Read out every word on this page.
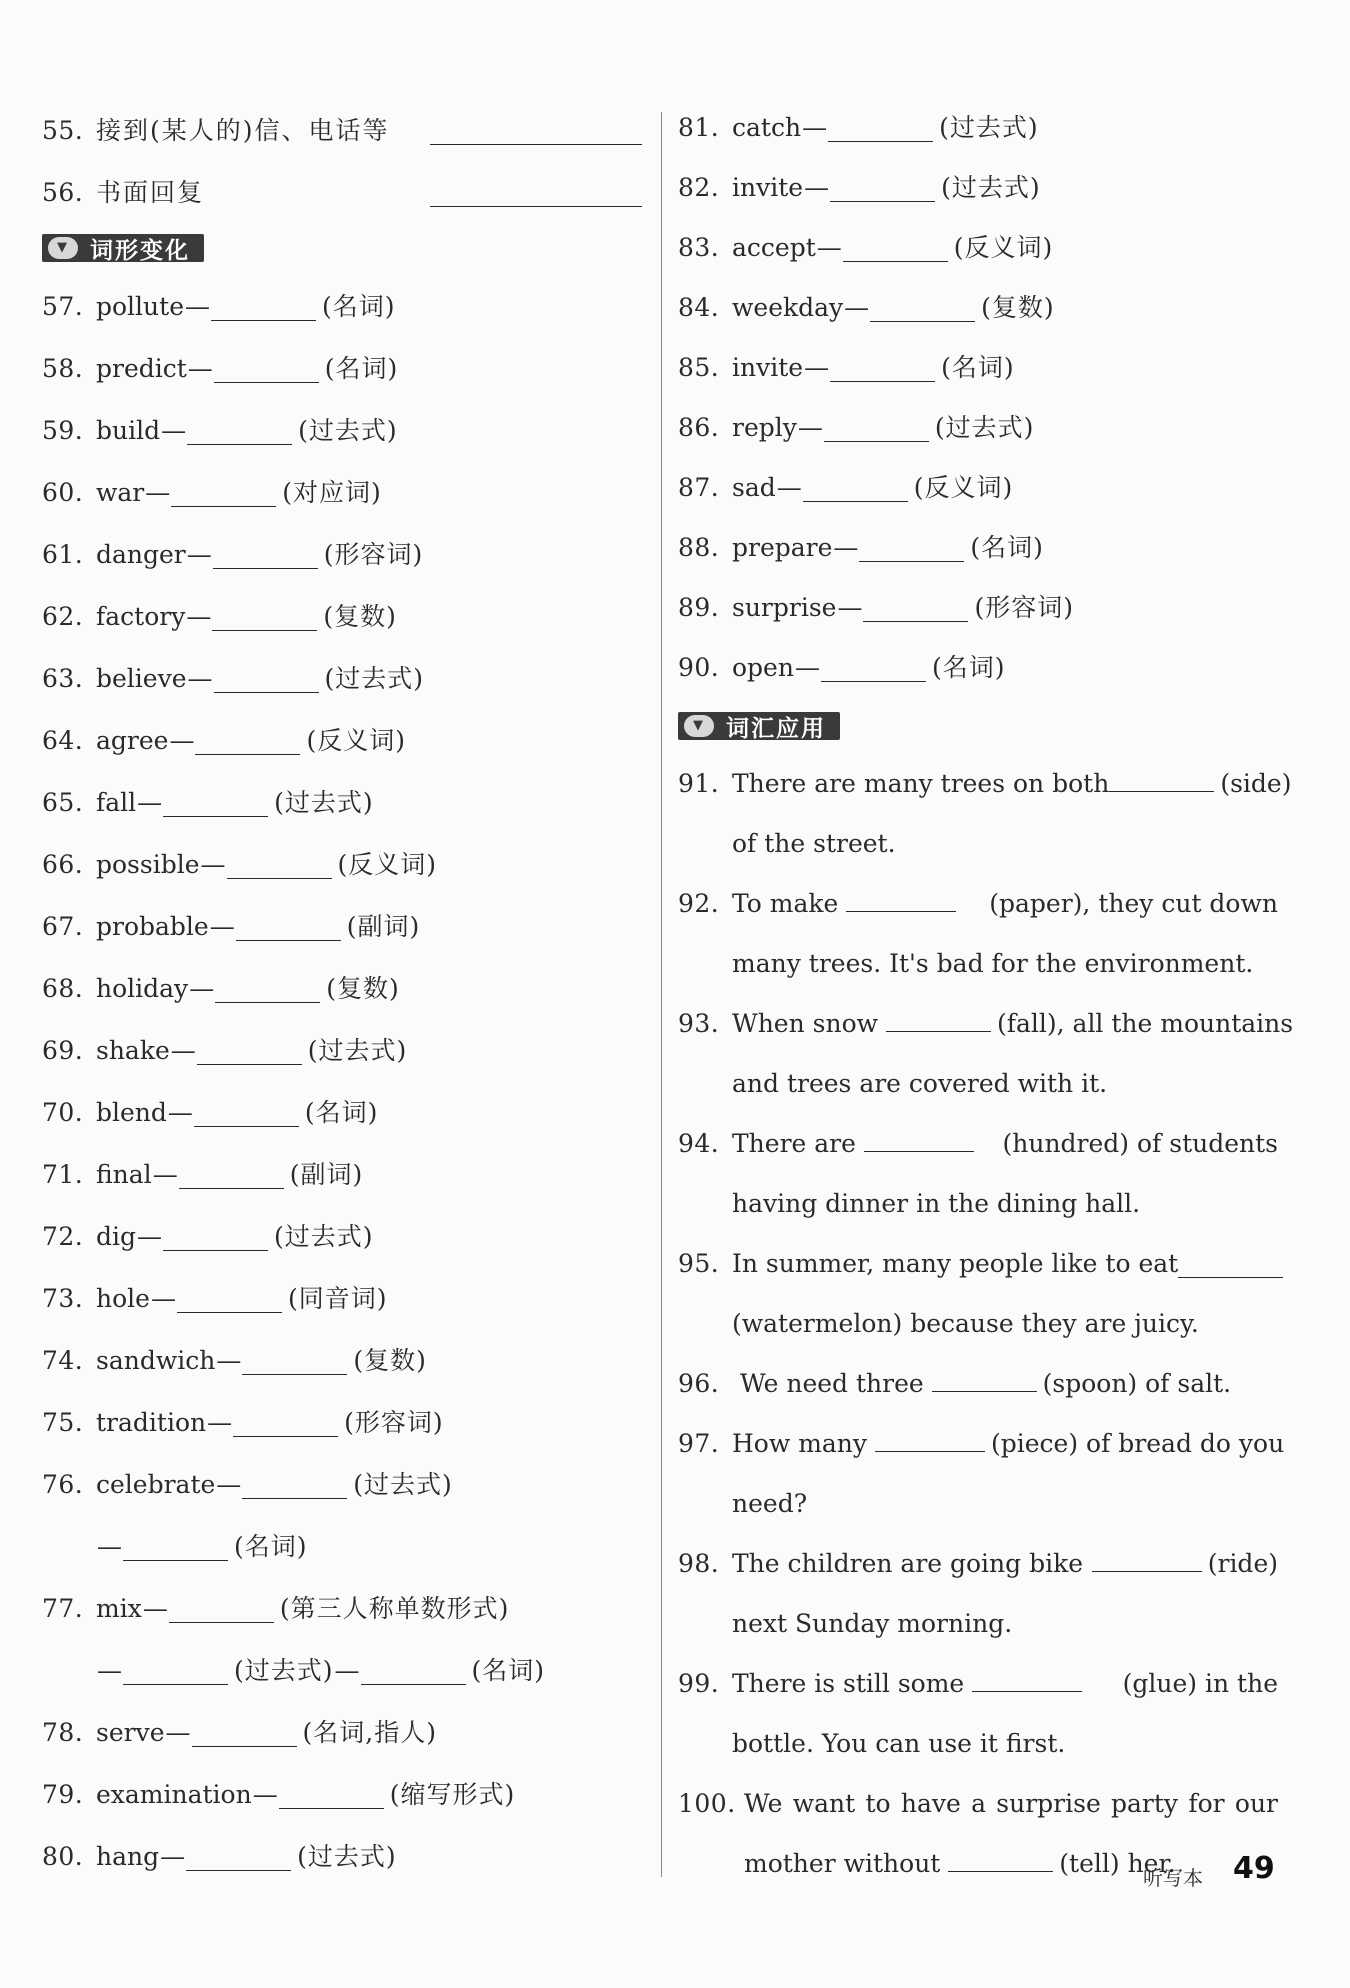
55. 接到(某人的)信、电话等
56. 书面回复
▼ 词形变化
57. pollute —	(名词)
58. predict —	(名词)
59. build —	(过去式)
60. war —	(对应词)
61. danger —	(形容词)
62. factory —	(复数)
63. believe —	(过去式)
64. agree —	(反义词)
65. fall —	(过去式)
66. possible —	(反义词)
67. probable —	(副词)
68. holiday —	(复数)
69. shake —	(过去式)
70. blend —	(名词)
71. final —	(副词)
72. dig —	(过去式)
73. hole —	(同音词)
74. sandwich —	(复数)
75. tradition —	(形容词)
76. celebrate —	(过去式)
—	(名词)
77. mix —	(第三人称单数形式)
—	(过去式) —	(名词)
78. serve —	(名词,指人)
79. examination —	(缩写形式)
80. hang —	(过去式)
81. catch —	(过去式)
82. invite —	(过去式)
83. accept —	(反义词)
84. weekday —	(复数)
85. invite —	(名词)
86. reply —	(过去式)
87. sad —	(反义词)
88. prepare —	(名词)
89. surprise —	(形容词)
90. open —	(名词)
▼ 词汇应用
91. There are many trees on both	(side)
of the street.
92. To make	(paper), they cut down
many trees. It's bad for the environment.
93. When snow	(fall), all the mountains
and trees are covered with it.
94. There are	(hundred) of students
having dinner in the dining hall.
95. In summer, many people like to eat
(watermelon) because they are juicy.
96. We need three	(spoon) of salt.
97. How many	(piece) of bread do you
need?
98. The children are going bike	(ride)
next Sunday morning.
99. There is still some	(glue) in the
bottle. You can use it first.
100. We want to have a surprise party for our
mother without	(tell) her.
听写本 49
